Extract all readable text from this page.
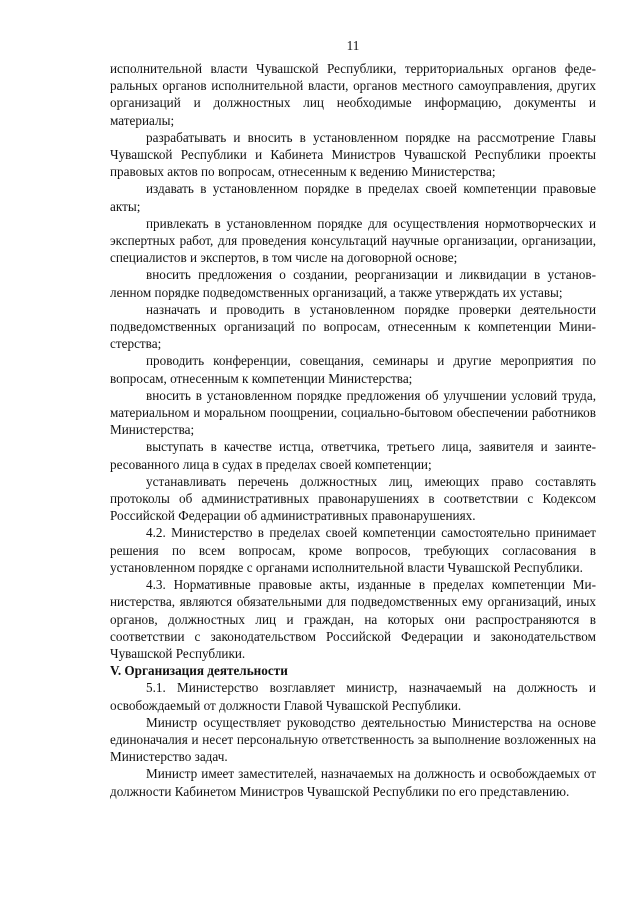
11

исполнительной власти Чувашской Республики, территориальных органов федеральных органов исполнительной власти, органов местного самоуправления, других организаций и должностных лиц необходимые информацию, документы и материалы;

разрабатывать и вносить в установленном порядке на рассмотрение Главы Чувашской Республики и Кабинета Министров Чувашской Республики проекты правовых актов по вопросам, отнесенным к ведению Министерства;

издавать в установленном порядке в пределах своей компетенции правовые акты;

привлекать в установленном порядке для осуществления нормотворческих и экспертных работ, для проведения консультаций научные организации, организации, специалистов и экспертов, в том числе на договорной основе;

вносить предложения о создании, реорганизации и ликвидации в установленном порядке подведомственных организаций, а также утверждать их уставы;

назначать и проводить в установленном порядке проверки деятельности подведомственных организаций по вопросам, отнесенным к компетенции Министерства;

проводить конференции, совещания, семинары и другие мероприятия по вопросам, отнесенным к компетенции Министерства;

вносить в установленном порядке предложения об улучшении условий труда, материальном и моральном поощрении, социально-бытовом обеспечении работников Министерства;

выступать в качестве истца, ответчика, третьего лица, заявителя и заинтересованного лица в судах в пределах своей компетенции;

устанавливать перечень должностных лиц, имеющих право составлять протоколы об административных правонарушениях в соответствии с Кодексом Российской Федерации об административных правонарушениях.

4.2. Министерство в пределах своей компетенции самостоятельно принимает решения по всем вопросам, кроме вопросов, требующих согласования в установленном порядке с органами исполнительной власти Чувашской Республики.

4.3. Нормативные правовые акты, изданные в пределах компетенции Министерства, являются обязательными для подведомственных ему организаций, иных органов, должностных лиц и граждан, на которых они распространяются в соответствии с законодательством Российской Федерации и законодательством Чувашской Республики.

V. Организация деятельности

5.1. Министерство возглавляет министр, назначаемый на должность и освобождаемый от должности Главой Чувашской Республики.

Министр осуществляет руководство деятельностью Министерства на основе единоначалия и несет персональную ответственность за выполнение возложенных на Министерство задач.

Министр имеет заместителей, назначаемых на должность и освобождаемых от должности Кабинетом Министров Чувашской Республики по его представлению.
